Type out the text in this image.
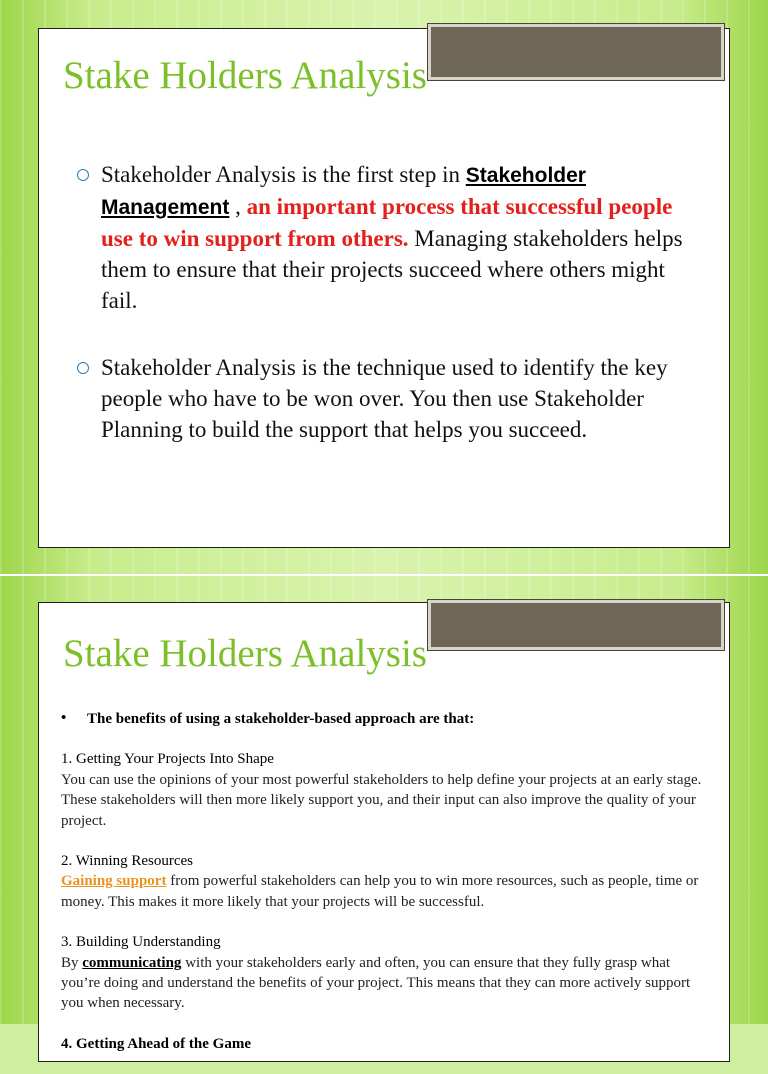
Stake Holders Analysis
Stakeholder Analysis is the first step in Stakeholder Management , an important process that successful people use to win support from others. Managing stakeholders helps them to ensure that their projects succeed where others might fail.
Stakeholder Analysis is the technique used to identify the key people who have to be won over. You then use Stakeholder Planning to build the support that helps you succeed.
Stake Holders Analysis
• The benefits of using a stakeholder-based approach are that:
1. Getting Your Projects Into Shape
You can use the opinions of your most powerful stakeholders to help define your projects at an early stage. These stakeholders will then more likely support you, and their input can also improve the quality of your project.
2. Winning Resources
Gaining support from powerful stakeholders can help you to win more resources, such as people, time or money. This makes it more likely that your projects will be successful.
3. Building Understanding
By communicating with your stakeholders early and often, you can ensure that they fully grasp what you’re doing and understand the benefits of your project. This means that they can more actively support you when necessary.
4. Getting Ahead of the Game
